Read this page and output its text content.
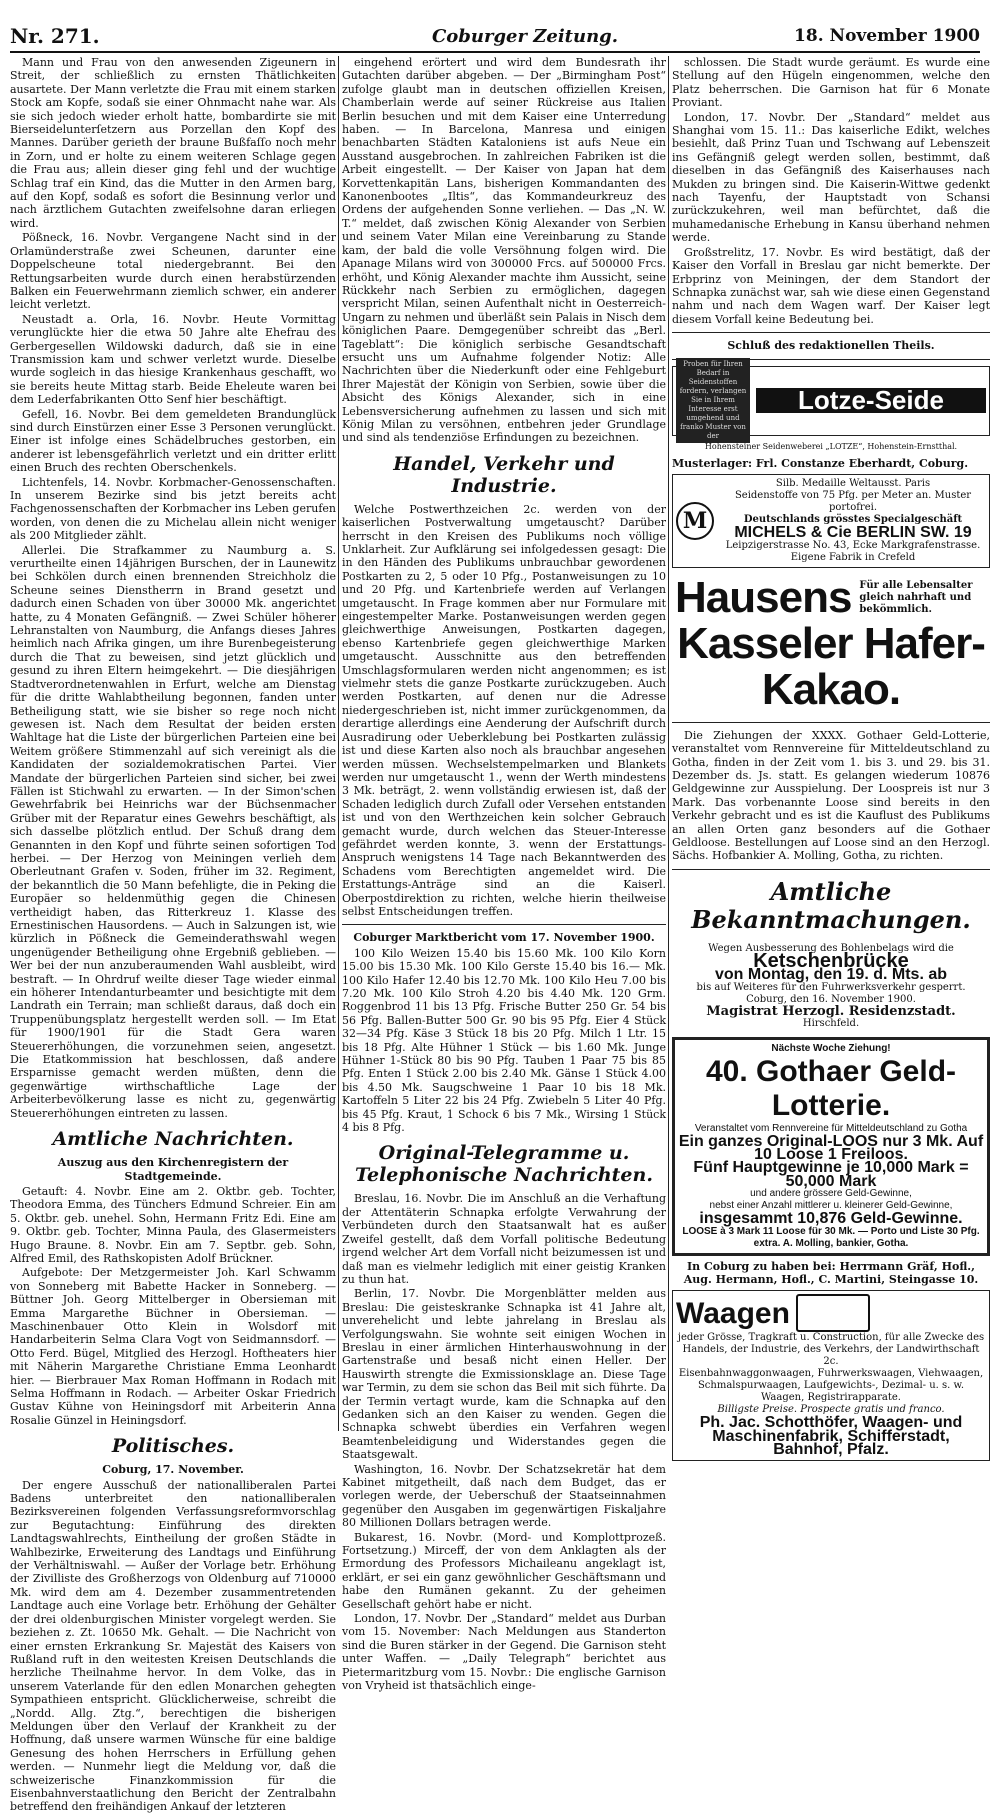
Nr. 271.	Coburger Zeitung.	18. November 1900

Mann und Frau von den anwesenden Zigeunern in Streit, der schließlich zu ernsten Thätlichkeiten ausartete. Der Mann verletzte die Frau mit einem starken Stock am Kopfe, sodaß sie einer Ohnmacht nahe war. Als sie sich jedoch wieder erholt hatte, bombardirte sie mit Bierseidelunterſetzern aus Porzellan den Kopf des Mannes. Darüber gerieth der braune Bußfaſſo noch mehr in Zorn, und er holte zu einem weiteren Schlage gegen die Frau aus; allein dieser ging fehl und der wuchtige Schlag traf ein Kind, das die Mutter in den Armen barg, auf den Kopf, sodaß es sofort die Besinnung verlor und nach ärztlichem Gutachten zweifelsohne daran erliegen wird.

Pößneck, 16. Novbr. Vergangene Nacht sind in der Orlamünderstraße zwei Scheunen, darunter eine Doppelscheune total niedergebrannt. Bei den Rettungsarbeiten wurde durch einen herabstürzenden Balken ein Feuerwehrmann ziemlich schwer, ein anderer leicht verletzt.

Neustadt a. Orla, 16. Novbr. Heute Vormittag verunglückte hier die etwa 50 Jahre alte Ehefrau des Gerbergesellen Wildowski dadurch, daß sie in eine Transmission kam und schwer verletzt wurde. Dieselbe wurde sogleich in das hiesige Krankenhaus geschafft, wo sie bereits heute Mittag starb. Beide Eheleute waren bei dem Lederfabrikanten Otto Senf hier beschäftigt.

Gefell, 16. Novbr. Bei dem gemeldeten Brandunglück sind durch Einstürzen einer Esse 3 Personen verunglückt. Einer ist infolge eines Schädelbruches gestorben, ein anderer ist lebensgefährlich verletzt und ein dritter erlitt einen Bruch des rechten Oberschenkels.

Lichtenfels, 14. Novbr. Korbmacher-Genossenschaften. In unserem Bezirke sind bis jetzt bereits acht Fachgenossenschaften der Korbmacher ins Leben gerufen worden, von denen die zu Michelau allein nicht weniger als 200 Mitglieder zählt.

Allerlei. Die Strafkammer zu Naumburg a. S. verurtheilte einen 14jährigen Burschen, der in Launewitz bei Schkölen durch einen brennenden Streichholz die Scheune seines Dienstherrn in Brand gesetzt und dadurch einen Schaden von über 30000 Mk. angerichtet hatte, zu 4 Monaten Gefängniß. — Zwei Schüler höherer Lehranstalten von Naumburg, die Anfangs dieses Jahres heimlich nach Afrika gingen, um ihre Burenbegeisterung durch die That zu beweisen, sind jetzt glücklich und gesund zu ihren Eltern heimgekehrt. — Die diesjährigen Stadtverordnetenwahlen in Erfurt, welche am Dienstag für die dritte Wahlabtheilung begonnen, fanden unter Betheiligung statt, wie sie bisher so rege noch nicht gewesen ist. Nach dem Resultat der beiden ersten Wahltage hat die Liste der bürgerlichen Parteien eine bei Weitem größere Stimmenzahl auf sich vereinigt als die Kandidaten der sozialdemokratischen Partei. Vier Mandate der bürgerlichen Parteien sind sicher, bei zwei Fällen ist Stichwahl zu erwarten. — In der Simon'schen Gewehrfabrik bei Heinrichs war der Büchsenmacher Grüber mit der Reparatur eines Gewehrs beschäftigt, als sich dasselbe plötzlich entlud. Der Schuß drang dem Genannten in den Kopf und führte seinen sofortigen Tod herbei. — Der Herzog von Meiningen verlieh dem Oberleutnant Grafen v. Soden, früher im 32. Regiment, der bekanntlich die 50 Mann befehligte, die in Peking die Europäer so heldenmüthig gegen die Chinesen vertheidigt haben, das Ritterkreuz 1. Klasse des Ernestinischen Hausordens. — Auch in Salzungen ist, wie kürzlich in Pößneck die Gemeinderathswahl wegen ungenügender Betheiligung ohne Ergebniß geblieben. — Wer bei der nun anzuberaumenden Wahl ausbleibt, wird bestraft. — In Ohrdruf weilte dieser Tage wieder einmal ein höherer Intendanturbeamter und besichtigte mit dem Landrath ein Terrain; man schließt daraus, daß doch ein Truppenübungsplatz hergestellt werden soll. — Im Etat für 1900/1901 für die Stadt Gera waren Steuererhöhungen, die vorzunehmen seien, angesetzt. Die Etatkommission hat beschlossen, daß andere Ersparnisse gemacht werden müßten, denn die gegenwärtige wirthschaftliche Lage der Arbeiterbevölkerung lasse es nicht zu, gegenwärtig Steuererhöhungen eintreten zu lassen.

Amtliche Nachrichten.
Auszug aus den Kirchenregistern der Stadtgemeinde.

Getauft: 4. Novbr. Eine am 2. Oktbr. geb. Tochter, Theodora Emma, des Tünchers Edmund Schreier. Ein am 5. Oktbr. geb. unehel. Sohn, Hermann Fritz Edi. Eine am 9. Oktbr. geb. Tochter, Minna Paula, des Glasermeisters Hugo Braune. 8. Novbr. Ein am 7. Septbr. geb. Sohn, Alfred Emil, des Rathskopisten Adolf Brückner.

Aufgebote: Der Metzgermeister Joh. Karl Schwamm von Sonneberg mit Babette Hacker in Sonneberg. — Büttner Joh. Georg Mittelberger in Obersieman mit Emma Margarethe Büchner in Obersieman. — Maschinenbauer Otto Klein in Wolsdorf mit Handarbeiterin Selma Clara Vogt von Seidmannsdorf. — Otto Ferd. Bügel, Mitglied des Herzogl. Hoftheaters hier mit Näherin Margarethe Christiane Emma Leonhardt hier. — Bierbrauer Max Roman Hoffmann in Rodach mit Selma Hoffmann in Rodach. — Arbeiter Oskar Friedrich Gustav Kühne von Heiningsdorf mit Arbeiterin Anna Rosalie Günzel in Heiningsdorf.

Politisches.
Coburg, 17. November.

Der engere Ausschuß der nationalliberalen Partei Badens unterbreitet den nationalliberalen Bezirksvereinen folgenden Verfassungsreformvorschlag zur Begutachtung: Einführung des direkten Landtagswahlrechts, Eintheilung der großen Städte in Wahlbezirke, Erweiterung des Landtags und Einführung der Verhältniswahl. — Außer der Vorlage betr. Erhöhung der Zivilliste des Großherzogs von Oldenburg auf 710000 Mk. wird dem am 4. Dezember zusammentretenden Landtage auch eine Vorlage betr. Erhöhung der Gehälter der drei oldenburgischen Minister vorgelegt werden. Sie beziehen z. Zt. 10650 Mk. Gehalt. — Die Nachricht von einer ernsten Erkrankung Sr. Majestät des Kaisers von Rußland ruft in den weitesten Kreisen Deutschlands die herzliche Theilnahme hervor. In dem Volke, das in unserem Vaterlande für den edlen Monarchen gehegten Sympathieen entspricht. Glücklicherweise, schreibt die „Nordd. Allg. Ztg.“, berechtigen die bisherigen Meldungen über den Verlauf der Krankheit zu der Hoffnung, daß unsere warmen Wünsche für eine baldige Genesung des hohen Herrschers in Erfüllung gehen werden. — Nunmehr liegt die Meldung vor, daß die schweizerische Finanzkommission für die Eisenbahnverstaatlichung den Bericht der Zentralbahn betreffend den freihändigen Ankauf der letzteren

eingehend erörtert und wird dem Bundesrath ihr Gutachten darüber abgeben. — Der „Birmingham Post“ zufolge glaubt man in deutschen offiziellen Kreisen, Chamberlain werde auf seiner Rückreise aus Italien Berlin besuchen und mit dem Kaiser eine Unterredung haben. — In Barcelona, Manresa und einigen benachbarten Städten Kataloniens ist aufs Neue ein Ausstand ausgebrochen. In zahlreichen Fabriken ist die Arbeit eingestellt. — Der Kaiser von Japan hat dem Korvettenkapitän Lans, bisherigen Kommandanten des Kanonenbootes „Iltis“, das Kommandeurkreuz des Ordens der aufgehenden Sonne verliehen. — Das „N. W. T.“ meldet, daß zwischen König Alexander von Serbien und seinem Vater Milan eine Vereinbarung zu Stande kam, der bald die volle Versöhnung folgen wird. Die Apanage Milans wird von 300000 Frcs. auf 500000 Frcs. erhöht, und König Alexander machte ihm Aussicht, seine Rückkehr nach Serbien zu ermöglichen, dagegen verspricht Milan, seinen Aufenthalt nicht in Oesterreich-Ungarn zu nehmen und überläßt sein Palais in Nisch dem königlichen Paare. Demgegenüber schreibt das „Berl. Tageblatt“: Die königlich serbische Gesandtschaft ersucht uns um Aufnahme folgender Notiz: Alle Nachrichten über die Niederkunft oder eine Fehlgeburt Ihrer Majestät der Königin von Serbien, sowie über die Absicht des Königs Alexander, sich in eine Lebensversicherung aufnehmen zu lassen und sich mit König Milan zu versöhnen, entbehren jeder Grundlage und sind als tendenziöse Erfindungen zu bezeichnen.

Handel, Verkehr und Industrie.

Welche Postwerthzeichen 2c. werden von der kaiserlichen Postverwaltung umgetauscht? Darüber herrscht in den Kreisen des Publikums noch völlige Unklarheit. Zur Aufklärung sei infolgedessen gesagt: Die in den Händen des Publikums unbrauchbar gewordenen Postkarten zu 2, 5 oder 10 Pfg., Postanweisungen zu 10 und 20 Pfg. und Kartenbriefe werden auf Verlangen umgetauscht. In Frage kommen aber nur Formulare mit eingestempelter Marke. Postanweisungen werden gegen gleichwerthige Anweisungen, Postkarten dagegen, ebenso Kartenbriefe gegen gleichwerthige Marken umgetauscht. Ausschnitte aus den betreffenden Umschlagsformularen werden nicht angenommen; es ist vielmehr stets die ganze Postkarte zurückzugeben. Auch werden Postkarten, auf denen nur die Adresse niedergeschrieben ist, nicht immer zurückgenommen, da derartige allerdings eine Aenderung der Aufschrift durch Ausradirung oder Ueberklebung bei Postkarten zulässig ist und diese Karten also noch als brauchbar angesehen werden müssen. Wechselstempelmarken und Blankets werden nur umgetauscht 1., wenn der Werth mindestens 3 Mk. beträgt, 2. wenn vollständig erwiesen ist, daß der Schaden lediglich durch Zufall oder Versehen entstanden ist und von den Werthzeichen kein solcher Gebrauch gemacht wurde, durch welchen das Steuer-Interesse gefährdet werden konnte, 3. wenn der Erstattungs-Anspruch wenigstens 14 Tage nach Bekanntwerden des Schadens vom Berechtigten angemeldet wird. Die Erstattungs-Anträge sind an die Kaiserl. Oberpostdirektion zu richten, welche hierin theilweise selbst Entscheidungen treffen.

Coburger Marktbericht vom 17. November 1900.

100 Kilo Weizen 15.40 bis 15.60 Mk. 100 Kilo Korn 15.00 bis 15.30 Mk. 100 Kilo Gerste 15.40 bis 16.— Mk. 100 Kilo Hafer 12.40 bis 12.70 Mk. 100 Kilo Heu 7.00 bis 7.20 Mk. 100 Kilo Stroh 4.20 bis 4.40 Mk. 120 Grm. Roggenbrod 11 bis 13 Pfg. Frische Butter 250 Gr. 54 bis 56 Pfg. Ballen-Butter 500 Gr. 90 bis 95 Pfg. Eier 4 Stück 32—34 Pfg. Käse 3 Stück 18 bis 20 Pfg. Milch 1 Ltr. 15 bis 18 Pfg. Alte Hühner 1 Stück — bis 1.60 Mk. Junge Hühner 1-Stück 80 bis 90 Pfg. Tauben 1 Paar 75 bis 85 Pfg. Enten 1 Stück 2.00 bis 2.40 Mk. Gänse 1 Stück 4.00 bis 4.50 Mk. Saugschweine 1 Paar 10 bis 18 Mk. Kartoffeln 5 Liter 22 bis 24 Pfg. Zwiebeln 5 Liter 40 Pfg. bis 45 Pfg. Kraut, 1 Schock 6 bis 7 Mk., Wirsing 1 Stück 4 bis 8 Pfg.

Original-Telegramme u. Telephonische Nachrichten.

Breslau, 16. Novbr. Die im Anschluß an die Verhaftung der Attentäterin Schnapka erfolgte Verwahrung der Verbündeten durch den Staatsanwalt hat es außer Zweifel gestellt, daß dem Vorfall politische Bedeutung irgend welcher Art dem Vorfall nicht beizumessen ist und daß man es vielmehr lediglich mit einer geistig Kranken zu thun hat.

Berlin, 17. Novbr. Die Morgenblätter melden aus Breslau: Die geisteskranke Schnapka ist 41 Jahre alt, unverehelicht und lebte jahrelang in Breslau als Verfolgungswahn. Sie wohnte seit einigen Wochen in Breslau in einer ärmlichen Hinterhauswohnung in der Gartenstraße und besaß nicht einen Heller. Der Hauswirth strengte die Exmissionsklage an. Diese Tage war Termin, zu dem sie schon das Beil mit sich führte. Da der Termin vertagt wurde, kam die Schnapka auf den Gedanken sich an den Kaiser zu wenden. Gegen die Schnapka schwebt überdies ein Verfahren wegen Beamtenbeleidigung und Widerstandes gegen die Staatsgewalt.

Washington, 16. Novbr. Der Schatzsekretär hat dem Kabinet mitgetheilt, daß nach dem Budget, das er vorlegen werde, der Ueberschuß der Staatseinnahmen gegenüber den Ausgaben im gegenwärtigen Fiskaljahre 80 Millionen Dollars betragen werde.

Bukarest, 16. Novbr. (Mord- und Komplottprozeß. Fortsetzung.) Mirceff, der von dem Anklagten als der Ermordung des Professors Michaileanu angeklagt ist, erklärt, er sei ein ganz gewöhnlicher Geschäftsmann und habe den Rumänen gekannt. Zu der geheimen Gesellschaft gehört habe er nicht.

London, 17. Novbr. Der „Standard“ meldet aus Durban vom 15. November: Nach Meldungen aus Standerton sind die Buren stärker in der Gegend. Die Garnison steht unter Waffen. — „Daily Telegraph“ berichtet aus Pietermaritzburg vom 15. Novbr.: Die englische Garnison von Vryheid ist thatsächlich einge-

schlossen. Die Stadt wurde geräumt. Es wurde eine Stellung auf den Hügeln eingenommen, welche den Platz beherrschen. Die Garnison hat für 6 Monate Proviant.

London, 17. Novbr. Der „Standard“ meldet aus Shanghai vom 15. 11.: Das kaiserliche Edikt, welches besiehlt, daß Prinz Tuan und Tschwang auf Lebenszeit ins Gefängniß gelegt werden sollen, bestimmt, daß dieselben in das Gefängniß des Kaiserhauses nach Mukden zu bringen sind. Die Kaiserin-Wittwe gedenkt nach Tayenfu, der Hauptstadt von Schansi zurückzukehren, weil man befürchtet, daß die muhamedanische Erhebung in Kansu überhand nehmen werde.

Großstrelitz, 17. Novbr. Es wird bestätigt, daß der Kaiser den Vorfall in Breslau gar nicht bemerkte. Der Erbprinz von Meiningen, der dem Standort der Schnapka zunächst war, sah wie diese einen Gegenstand nahm und nach dem Wagen warf. Der Kaiser legt diesem Vorfall keine Bedeutung bei.

Schluß des redaktionellen Theils.
Proben für Ihren Bedarf in Seidenstoffen fordern, verlangen Sie in Ihrem Interesse erst umgehend und franko Muster von der
Lotze-Seide
Hohensteiner Seidenweberei „LOTZE“, Hohenstein-Ernstthal.
Musterlager: Frl. Constanze Eberhardt, Coburg.
M
Silb. Medaille Weltausst. Paris
Seidenstoffe von 75 Pfg. per Meter an. Muster portofrei.
Deutschlands grösstes Specialgeschäft
MICHELS & Cie BERLIN SW. 19
Leipzigerstrasse No. 43, Ecke Markgrafenstrasse. Eigene Fabrik in Crefeld
Hausens Für alle Lebensalter gleich nahrhaft und bekömmlich.
Kasseler Hafer-Kakao.

Die Ziehungen der XXXX. Gothaer Geld-Lotterie, veranstaltet vom Rennvereine für Mitteldeutschland zu Gotha, finden in der Zeit vom 1. bis 3. und 29. bis 31. Dezember ds. Js. statt. Es gelangen wiederum 10876 Geldgewinne zur Ausspielung. Der Loospreis ist nur 3 Mark. Das vorbenannte Loose sind bereits in den Verkehr gebracht und es ist die Kauflust des Publikums an allen Orten ganz besonders auf die Gothaer Geldloose. Bestellungen auf Loose sind an den Herzogl. Sächs. Hofbankier A. Molling, Gotha, zu richten.

Amtliche Bekanntmachungen.
Wegen Ausbesserung des Bohlenbelags wird die
Ketschenbrücke
von Montag, den 19. d. Mts. ab
bis auf Weiteres für den Fuhrwerksverkehr gesperrt.
Coburg, den 16. November 1900.
Magistrat Herzogl. Residenzstadt.
Hirschfeld.
Nächste Woche Ziehung!
40. Gothaer Geld-Lotterie.
Veranstaltet vom Rennvereine für Mitteldeutschland zu Gotha
Ein ganzes Original-LOOS nur 3 Mk. Auf 10 Loose 1 Freiloos.
Fünf Hauptgewinne je 10,000 Mark = 50,000 Mark
und andere grössere Geld-Gewinne,
nebst einer Anzahl mittlerer u. kleinerer Geld-Gewinne,
insgesammt 10,876 Geld-Gewinne.
LOOSE à 3 Mark 11 Loose für 30 Mk. — Porto und Liste 30 Pfg. extra. A. Molling, bankier, Gotha.
In Coburg zu haben bei: Herrmann Gräf, Hofl., Aug. Hermann, Hofl., C. Martini, Steingasse 10.
Waagen
jeder Grösse, Tragkraft u. Construction, für alle Zwecke des Handels, der Industrie, des Verkehrs, der Landwirthschaft 2c.
Eisenbahnwaggonwaagen, Fuhrwerkswaagen, Viehwaagen, Schmalspurwaagen, Laufgewichts-, Dezimal- u. s. w. Waagen, Registrirapparate.
Billigste Preise. Prospecte gratis und franco.
Ph. Jac. Schotthöfer, Waagen- und Maschinenfabrik, Schifferstadt, Bahnhof, Pfalz.
